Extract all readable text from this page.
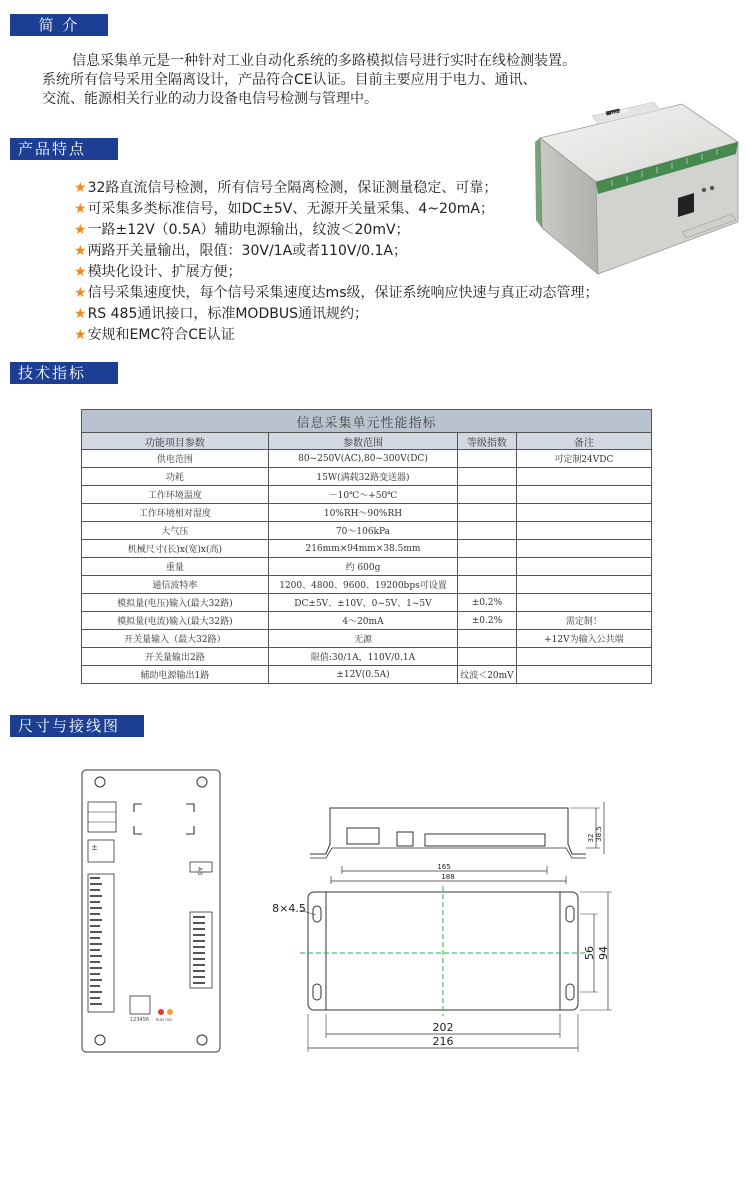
简 介

信息采集单元是一种针对工业自动化系统的多路模拟信号进行实时在线检测装置。

系统所有信号采用全隔离设计，产品符合CE认证。目前主要应用于电力、通讯、

交流、能源相关行业的动力设备电信号检测与管理中。

产品特点
★32路直流信号检测，所有信号全隔离检测，保证测量稳定、可靠；
★可采集多类标准信号，如DC±5V、无源开关量采集、4~20mA；
★一路±12V（0.5A）辅助电源输出，纹波＜20mV；
★两路开关量输出，限值：30V/1A或者110V/0.1A；
★模块化设计、扩展方便；
★信号采集速度快，每个信号采集速度达ms级，保证系统响应快速与真正动态管理；
★RS 485通讯接口，标准MODBUS通讯规约；
★安规和EMC符合CE认证
ANCHOR
技术指标
信息采集单元性能指标			
功能项目参数	参数范围	等级指数	备注
供电范围	80~250V(AC),80~300V(DC)		可定制24VDC
功耗	15W(满载32路变送器)		
工作环境温度	－10℃～+50℃		
工作环境相对湿度	10%RH～90%RH		
大气压	70～106kPa		
机械尺寸(长)x(宽)x(高)	216mm×94mm×38.5mm		
重量	约 600g		
通信波特率	1200、4800、9600、19200bps可设置		
模拟量(电压)输入(最大32路)	DC±5V、±10V、0~5V、1~5V	±0.2%	
模拟量(电流)输入(最大32路)	4～20mA	±0.2%	需定制！
开关量输入（最大32路）	无源		+12V为输入公共端
开关量输出2路	限值:30/1A，110V/0.1A		
辅助电源输出1路	±12V(0.5A)	纹波＜20mV	
尺寸与接线图
±
AB
123456 RUN TXD
165
188
32 38.5
8×4.5
202
216
56 94
